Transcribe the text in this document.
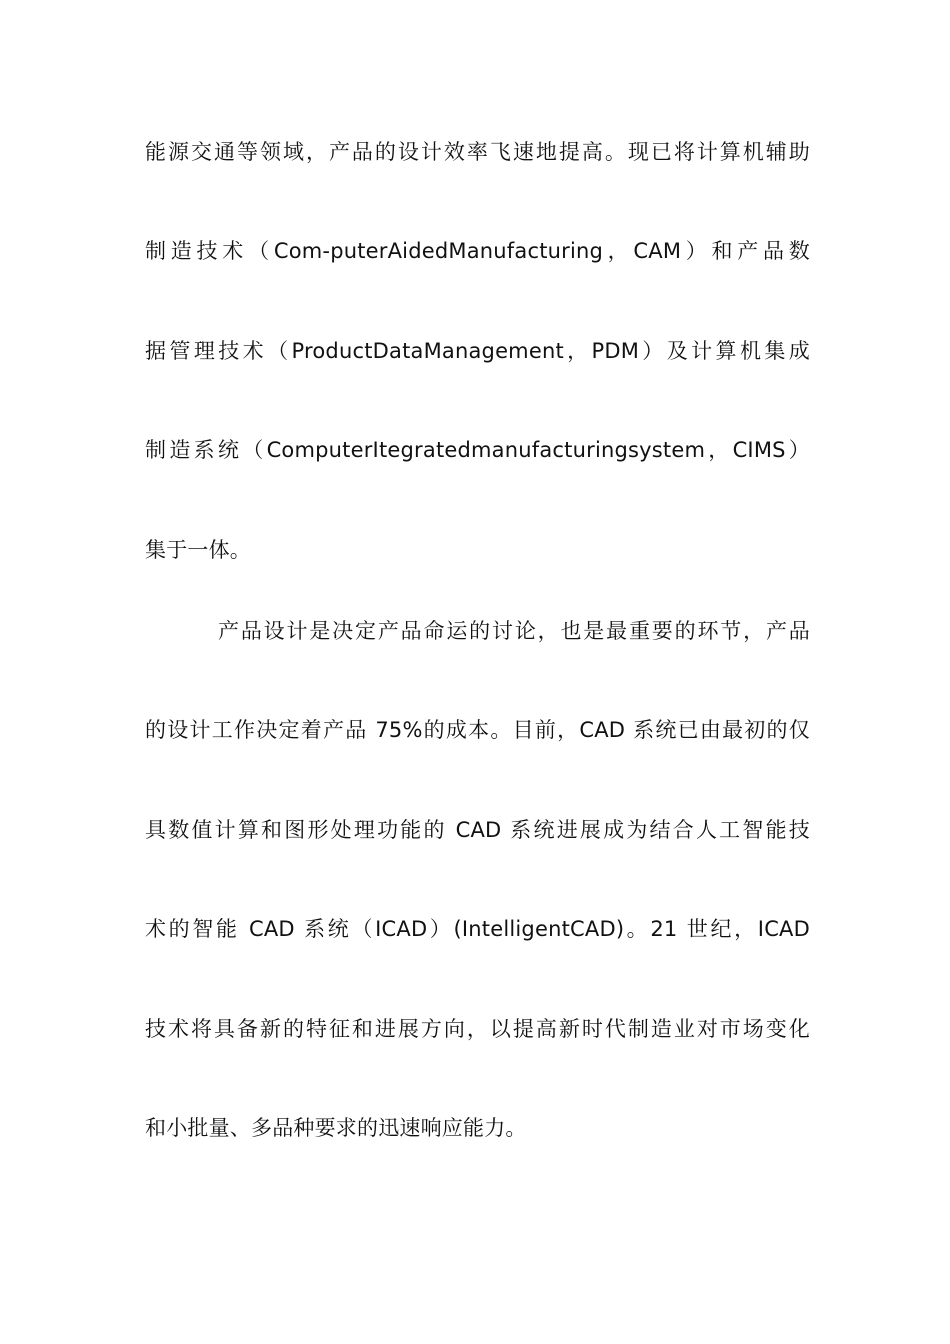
能源交通等领域，产品的设计效率飞速地提高。现已将计算机辅助
制造技术（Com-puterAidedManufacturing，CAM）和产品数
据管理技术（ProductDataManagement，PDM）及计算机集成
制造系统（ComputerItegratedmanufacturingsystem，CIMS）
集于一体。
产品设计是决定产品命运的讨论，也是最重要的环节，产品
的设计工作决定着产品 75%的成本。目前，CAD 系统已由最初的仅
具数值计算和图形处理功能的 CAD 系统进展成为结合人工智能技
术的智能 CAD 系统（ICAD）(IntelligentCAD)。21 世纪，ICAD
技术将具备新的特征和进展方向，以提高新时代制造业对市场变化
和小批量、多品种要求的迅速响应能力。
